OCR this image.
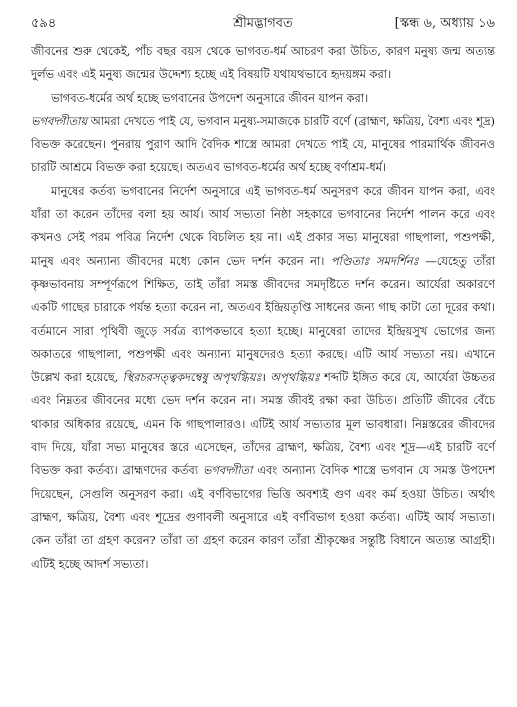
৫৯৪	শ্রীমদ্ভাগবত	[স্কন্ধ ৬, অধ্যায় ১৬

জীবনের শুরু থেকেই, পাঁচ বছর বয়স থেকে ভাগবত-ধর্ম আচরণ করা উচিত, কারণ মনুষ্য জন্ম অত্যন্ত দুর্লভ এবং এই মনুষ্য জন্মের উদ্দেশ্য হচ্ছে এই বিষয়টি যথাযথভাবে হৃদয়ঙ্গম করা।

ভাগবত-ধর্মের অর্থ হচ্ছে ভগবানের উপদেশ অনুসারে জীবন যাপন করা।
ভগবদ্গীতায় আমরা দেখতে পাই যে, ভগবান মনুষ্য-সমাজকে চারটি বর্ণে (ব্রাহ্মণ, ক্ষত্রিয়, বৈশ্য এবং শূদ্র) বিভক্ত করেছেন। পুনরায় পুরাণ আদি বৈদিক শাস্ত্রে আমরা দেখতে পাই যে, মানুষের পারমার্থিক জীবনও চারটি আশ্রমে বিভক্ত করা হয়েছে। অতএব ভাগবত-ধর্মের অর্থ হচ্ছে বর্ণাশ্রম-ধর্ম।

মানুষের কর্তব্য ভগবানের নির্দেশ অনুসারে এই ভাগবত-ধর্ম অনুসরণ করে জীবন যাপন করা, এবং যাঁরা তা করেন তাঁদের বলা হয় আর্য। আর্য সভ্যতা নিষ্ঠা সহকারে ভগবানের নির্দেশ পালন করে এবং কখনও সেই পরম পবিত্র নির্দেশ থেকে বিচলিত হয় না। এই প্রকার সভ্য মানুষেরা গাছপালা, পশুপক্ষী, মানুষ এবং অন্যান্য জীবদের মধ্যে কোন ভেদ দর্শন করেন না। পণ্ডিতাঃ সমদর্শিনঃ —যেহেতু তাঁরা কৃষ্ণভাবনায় সম্পূর্ণরূপে শিক্ষিত, তাই তাঁরা সমস্ত জীবদের সমদৃষ্টিতে দর্শন করেন। আর্যেরা অকারণে একটি গাছের চারাকে পর্যন্ত হত্যা করেন না, অতএব ইন্দ্রিয়তৃপ্তি সাধনের জন্য গাছ কাটা তো দূরের কথা। বর্তমানে সারা পৃথিবী জুড়ে সর্বত্র ব্যাপকভাবে হত্যা হচ্ছে। মানুষেরা তাদের ইন্দ্রিয়সুখ ভোগের জন্য অকাতরে গাছপালা, পশুপক্ষী এবং অন্যান্য মানুষদেরও হত্যা করছে। এটি আর্য সভ্যতা নয়। এখানে উল্লেখ করা হয়েছে, স্থিরচরসত্ত্বকদম্বেষু অপৃথগ্ধিয়ঃ। অপৃথগ্ধিয়ঃ শব্দটি ইঙ্গিত করে যে, আর্যেরা উচ্চতর এবং নিম্নতর জীবনের মধ্যে ভেদ দর্শন করেন না। সমস্ত জীবই রক্ষা করা উচিত। প্রতিটি জীবের বেঁচে থাকার অধিকার রয়েছে, এমন কি গাছপালারও। এটিই আর্য সভ্যতার মূল ভাবধারা। নিম্নস্তরের জীবদের বাদ দিয়ে, যাঁরা সভ্য মানুষের স্তরে এসেছেন, তাঁদের ব্রাহ্মণ, ক্ষত্রিয়, বৈশ্য এবং শূদ্র—এই চারটি বর্ণে বিভক্ত করা কর্তব্য। ব্রাহ্মণদের কর্তব্য ভগবদ্গীতা এবং অন্যান্য বৈদিক শাস্ত্রে ভগবান যে সমস্ত উপদেশ দিয়েছেন, সেগুলি অনুসরণ করা। এই বর্ণবিভাগের ভিত্তি অবশ্যই গুণ এবং কর্ম হওয়া উচিত। অর্থাৎ ব্রাহ্মণ, ক্ষত্রিয়, বৈশ্য এবং শূদ্রের গুণাবলী অনুসারে এই বর্ণবিভাগ হওয়া কর্তব্য। এটিই আর্য সভ্যতা। কেন তাঁরা তা গ্রহণ করেন? তাঁরা তা গ্রহণ করেন কারণ তাঁরা শ্রীকৃষ্ণের সন্তুষ্টি বিধানে অত্যন্ত আগ্রহী। এটিই হচ্ছে আদর্শ সভ্যতা।
